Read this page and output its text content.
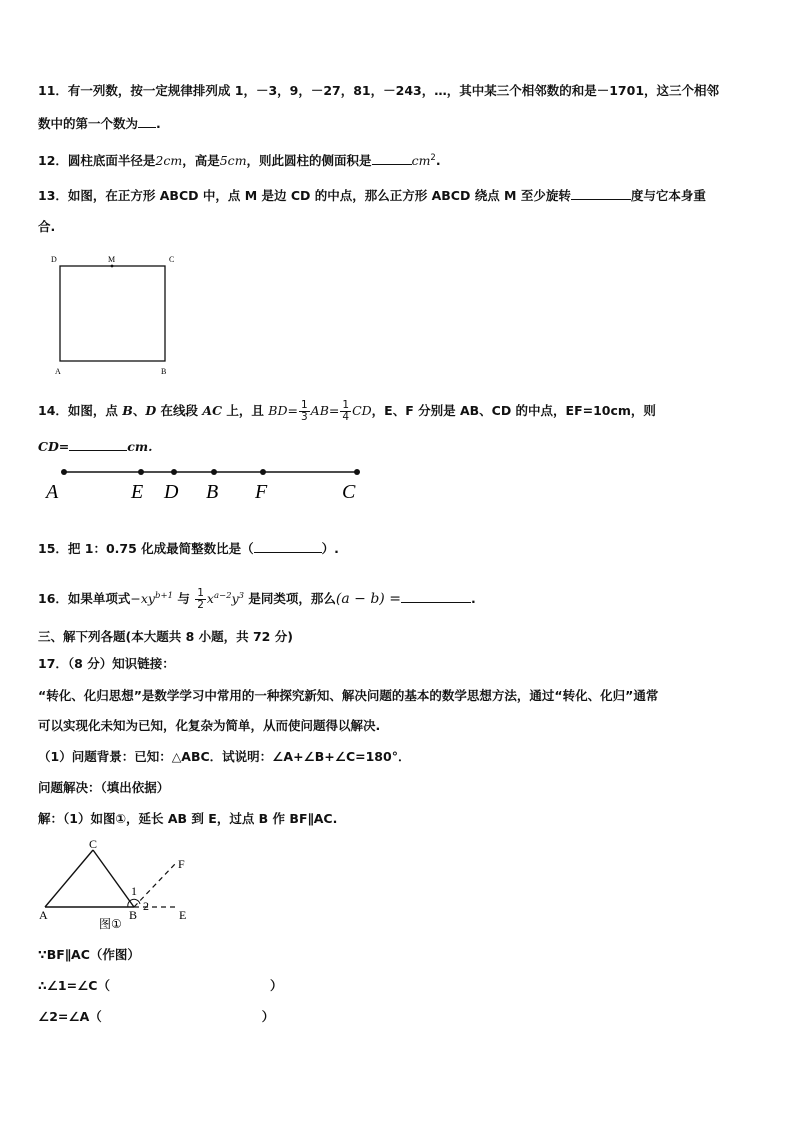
11．有一列数，按一定规律排列成 1，－3，9，－27，81，－243，…，其中某三个相邻数的和是－1701，这三个相邻
数中的第一个数为 .
12．圆柱底面半径是2cm，高是5cm，则此圆柱的侧面积是	$cm^2$.
13．如图，在正方形 ABCD 中，点 M 是边 CD 的中点，那么正方形 ABCD 绕点 M 至少旋转	度与它本身重
合.
D	M	C
A	B
14．如图，点 B、D 在线段 AC 上，且 $BD= \frac{1}{3} AB= \frac{1}{4}$ CD，E、F 分别是 AB、CD 的中点，EF=10cm，则
CD=	cm.
A	E D B F	C
15．把 1：0.75 化成最简整数比是（	）.
16．如果单项式$-xy^{b+1}$ 与 $\frac{1}{2} x^{a-2}y^3$ 是同类项，那么(a − b) =	.
三、解下列各题(本大题共 8 小题，共 72 分)
17．（8 分）知识链接：
“转化、化归思想”是数学学习中常用的一种探究新知、解决问题的基本的数学思想方法，通过“转化、化归”通常
可以实现化未知为已知，化复杂为简单，从而使问题得以解决.
（1）问题背景：已知：△ABC．试说明：∠A+∠B+∠C=180°．
问题解决：（填出依据）
解：（1）如图①，延长 AB 到 E，过点 B 作 BF∥AC.
C
F
A	B	E
1
2
图①
∵BF∥AC（作图）
∴∠1=∠C（	）
∠2=∠A（	）
